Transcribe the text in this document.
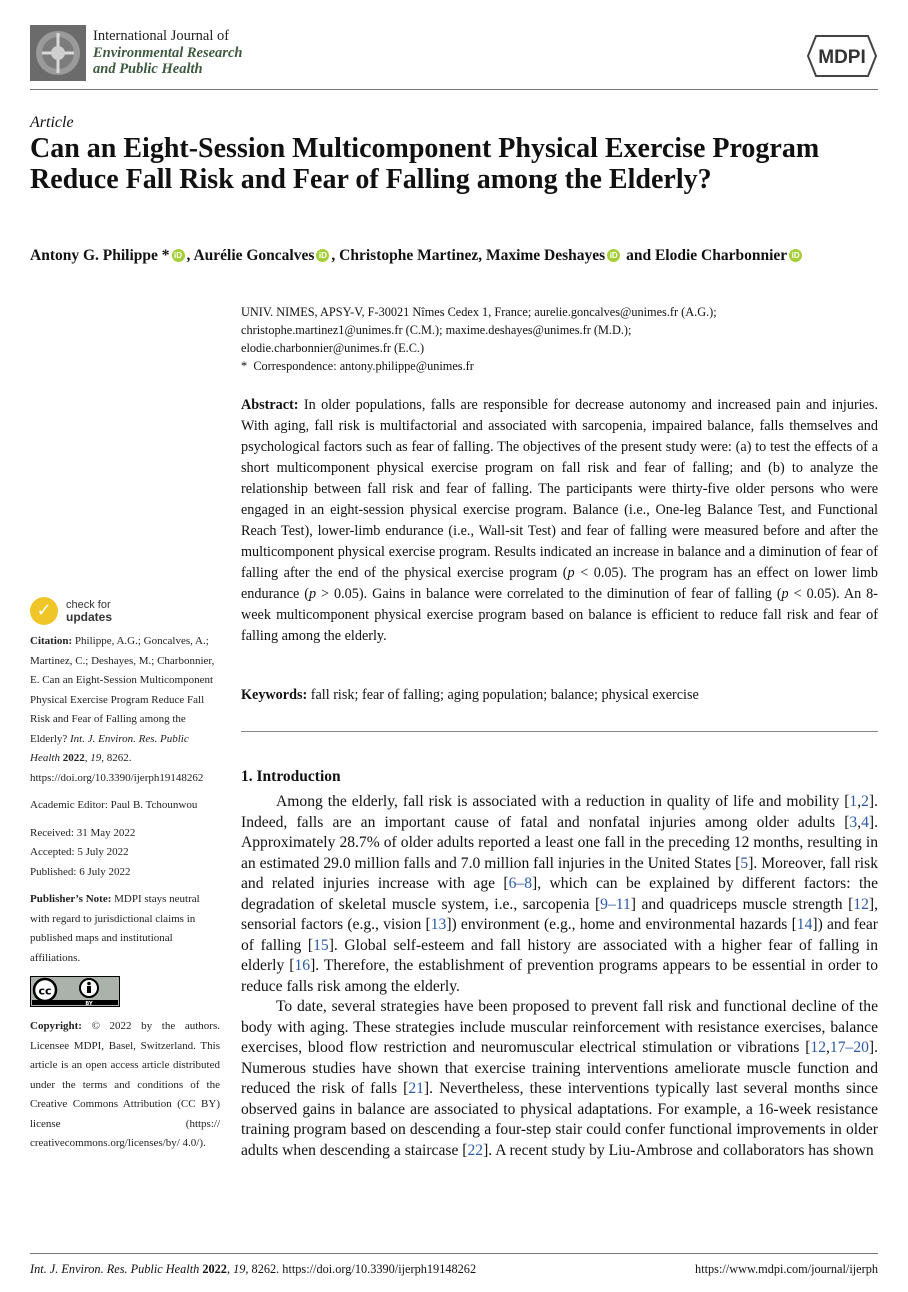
International Journal of
Environmental Research
and Public Health
MDPI
Article
Can an Eight-Session Multicomponent Physical Exercise Program Reduce Fall Risk and Fear of Falling among the Elderly?
Antony G. Philippe * iD , Aurélie Goncalves iD , Christophe Martinez, Maxime Deshayes iD and Elodie Charbonnier iD
UNIV. NIMES, APSY-V, F-30021 Nîmes Cedex 1, France; aurelie.goncalves@unimes.fr (A.G.);
christophe.martinez1@unimes.fr (C.M.); maxime.deshayes@unimes.fr (M.D.);
elodie.charbonnier@unimes.fr (E.C.)
* Correspondence: antony.philippe@unimes.fr

Abstract: In older populations, falls are responsible for decrease autonomy and increased pain and injuries. With aging, fall risk is multifactorial and associated with sarcopenia, impaired balance, falls themselves and psychological factors such as fear of falling. The objectives of the present study were: (a) to test the effects of a short multicomponent physical exercise program on fall risk and fear of falling; and (b) to analyze the relationship between fall risk and fear of falling. The participants were thirty-five older persons who were engaged in an eight-session physical exercise program. Balance (i.e., One-leg Balance Test, and Functional Reach Test), lower-limb endurance (i.e., Wall-sit Test) and fear of falling were measured before and after the multicomponent physical exercise program. Results indicated an increase in balance and a diminution of fear of falling after the end of the physical exercise program (p < 0.05). The program has an effect on lower limb endurance (p > 0.05). Gains in balance were correlated to the diminution of fear of falling (p < 0.05). An 8-week multicomponent physical exercise program based on balance is efficient to reduce fall risk and fear of falling among the elderly.

Keywords: fall risk; fear of falling; aging population; balance; physical exercise
1. Introduction

Among the elderly, fall risk is associated with a reduction in quality of life and mobility [1,2]. Indeed, falls are an important cause of fatal and nonfatal injuries among older adults [3,4]. Approximately 28.7% of older adults reported a least one fall in the preceding 12 months, resulting in an estimated 29.0 million falls and 7.0 million fall injuries in the United States [5]. Moreover, fall risk and related injuries increase with age [6–8], which can be explained by different factors: the degradation of skeletal muscle system, i.e., sarcopenia [9–11] and quadriceps muscle strength [12], sensorial factors (e.g., vision [13]) environment (e.g., home and environmental hazards [14]) and fear of falling [15]. Global self-esteem and fall history are associated with a higher fear of falling in elderly [16]. Therefore, the establishment of prevention programs appears to be essential in order to reduce falls risk among the elderly.

To date, several strategies have been proposed to prevent fall risk and functional decline of the body with aging. These strategies include muscular reinforcement with resistance exercises, balance exercises, blood flow restriction and neuromuscular electrical stimulation or vibrations [12,17–20]. Numerous studies have shown that exercise training interventions ameliorate muscle function and reduced the risk of falls [21]. Nevertheless, these interventions typically last several months since observed gains in balance are associated to physical adaptations. For example, a 16-week resistance training program based on descending a four-step stair could confer functional improvements in older adults when descending a staircase [22]. A recent study by Liu-Ambrose and collaborators has shown

✓ check for
updates

Citation: Philippe, A.G.; Goncalves, A.; Martinez, C.; Deshayes, M.; Charbonnier, E. Can an Eight-Session Multicomponent Physical Exercise Program Reduce Fall Risk and Fear of Falling among the Elderly? Int. J. Environ. Res. Public Health 2022, 19, 8262. https://doi.org/10.3390/ijerph19148262

Academic Editor: Paul B. Tchounwou

Received: 31 May 2022
Accepted: 5 July 2022
Published: 6 July 2022

Publisher’s Note: MDPI stays neutral with regard to jurisdictional claims in published maps and institutional affiliations.

cc
BY

Copyright: © 2022 by the authors. Licensee MDPI, Basel, Switzerland. This article is an open access article distributed under the terms and conditions of the Creative Commons Attribution (CC BY) license (https:// creativecommons.org/licenses/by/ 4.0/).

Int. J. Environ. Res. Public Health 2022, 19, 8262. https://doi.org/10.3390/ijerph19148262	https://www.mdpi.com/journal/ijerph
